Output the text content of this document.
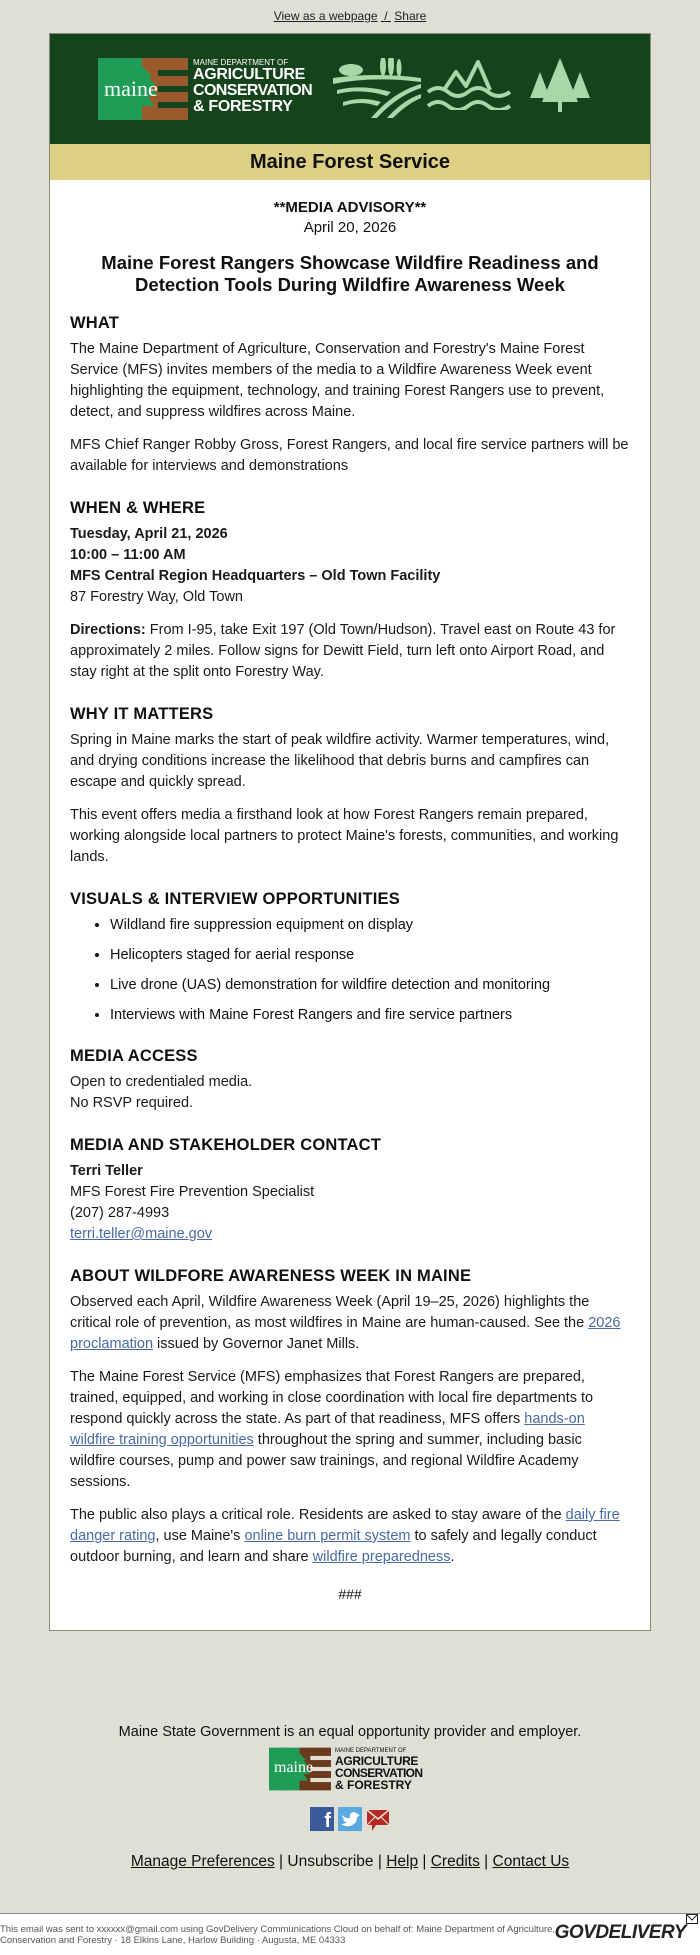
View as a webpage / Share
maine
MAINE DEPARTMENT OF
AGRICULTURE
CONSERVATION
& FORESTRY
Maine Forest Service
**MEDIA ADVISORY**
April 20, 2026
Maine Forest Rangers Showcase Wildfire Readiness and Detection Tools During Wildfire Awareness Week
WHAT

The Maine Department of Agriculture, Conservation and Forestry's Maine Forest Service (MFS) invites members of the media to a Wildfire Awareness Week event highlighting the equipment, technology, and training Forest Rangers use to prevent, detect, and suppress wildfires across Maine.

MFS Chief Ranger Robby Gross, Forest Rangers, and local fire service partners will be available for interviews and demonstrations

WHEN & WHERE
Tuesday, April 21, 2026
10:00 – 11:00 AM
MFS Central Region Headquarters – Old Town Facility
87 Forestry Way, Old Town

Directions: From I-95, take Exit 197 (Old Town/Hudson). Travel east on Route 43 for approximately 2 miles. Follow signs for Dewitt Field, turn left onto Airport Road, and stay right at the split onto Forestry Way.

WHY IT MATTERS

Spring in Maine marks the start of peak wildfire activity. Warmer temperatures, wind, and drying conditions increase the likelihood that debris burns and campfires can escape and quickly spread.

This event offers media a firsthand look at how Forest Rangers remain prepared, working alongside local partners to protect Maine's forests, communities, and working lands.

VISUALS & INTERVIEW OPPORTUNITIES
• Wildland fire suppression equipment on display
• Helicopters staged for aerial response
• Live drone (UAS) demonstration for wildfire detection and monitoring
• Interviews with Maine Forest Rangers and fire service partners
MEDIA ACCESS
Open to credentialed media.
No RSVP required.
MEDIA AND STAKEHOLDER CONTACT
Terri Teller
MFS Forest Fire Prevention Specialist
(207) 287-4993
terri.teller@maine.gov
ABOUT WILDFORE AWARENESS WEEK IN MAINE

Observed each April, Wildfire Awareness Week (April 19–25, 2026) highlights the critical role of prevention, as most wildfires in Maine are human-caused. See the 2026 proclamation issued by Governor Janet Mills.

The Maine Forest Service (MFS) emphasizes that Forest Rangers are prepared, trained, equipped, and working in close coordination with local fire departments to respond quickly across the state. As part of that readiness, MFS offers hands-on wildfire training opportunities throughout the spring and summer, including basic wildfire courses, pump and power saw trainings, and regional Wildfire Academy sessions.

The public also plays a critical role. Residents are asked to stay aware of the daily fire danger rating, use Maine's online burn permit system to safely and legally conduct outdoor burning, and learn and share wildfire preparedness.

###
Maine State Government is an equal opportunity provider and employer.
maine
MAINE DEPARTMENT OF
AGRICULTURE
CONSERVATION
& FORESTRY
f
Manage Preferences | Unsubscribe | Help | Credits | Contact Us
This email was sent to xxxxxx@gmail.com using GovDelivery Communications Cloud on behalf of: Maine Department of Agriculture,
Conservation and Forestry · 18 Elkins Lane, Harlow Building · Augusta, ME 04333	GOVDELIVERY
